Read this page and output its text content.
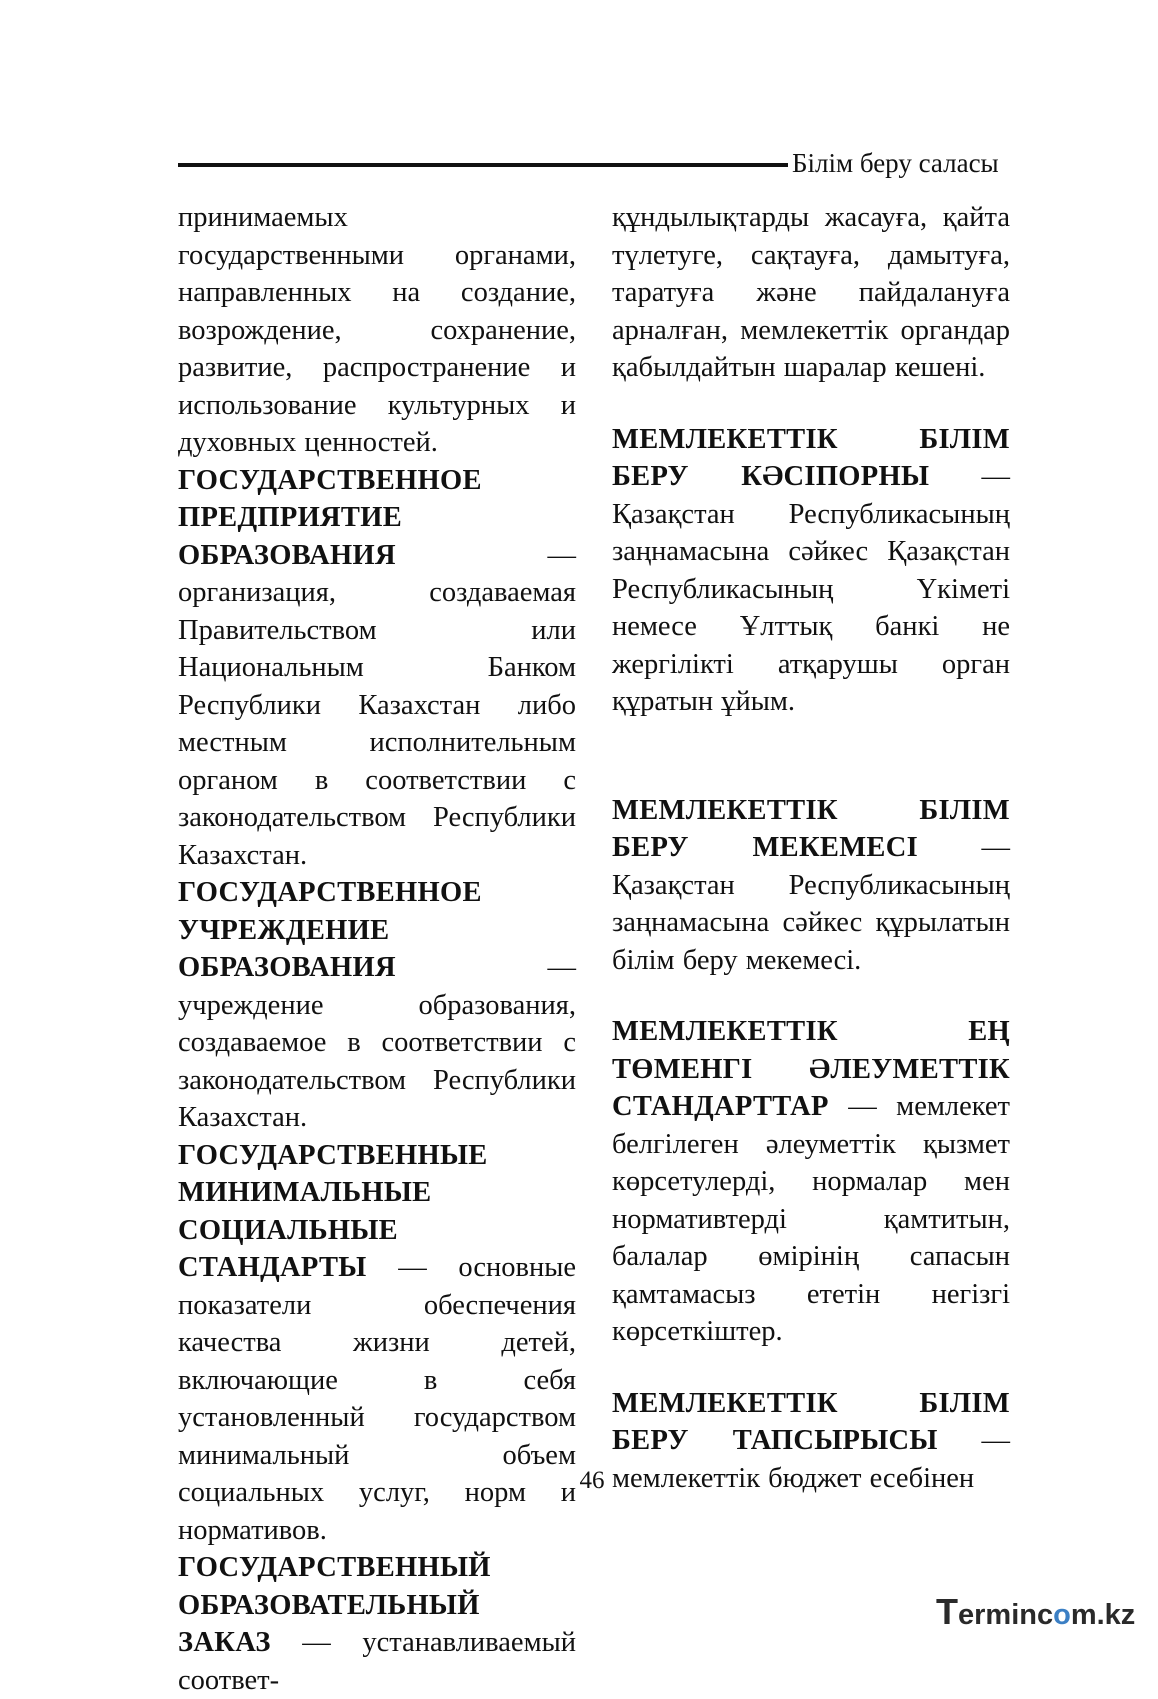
Білім беру саласы

принимаемых государственными органами, направленных на создание, возрождение, сохранение, развитие, распространение и использование культурных и духовных ценностей.

ГОСУДАРСТВЕННОЕ ПРЕДПРИЯТИЕ ОБРАЗОВАНИЯ — организация, создаваемая Правительством или Национальным Банком Республики Казахстан либо местным исполнительным органом в соответствии с законодательством Республики Казахстан.

ГОСУДАРСТВЕННОЕ УЧРЕЖДЕНИЕ ОБРАЗОВАНИЯ — учреждение образования, создаваемое в соответствии с законодательством Республики Казахстан.

ГОСУДАРСТВЕННЫЕ МИНИМАЛЬНЫЕ СОЦИАЛЬНЫЕ СТАНДАРТЫ — основные показатели обеспечения качества жизни детей, включающие в себя установленный государством минимальный объем социальных услуг, норм и нормативов.

ГОСУДАРСТВЕННЫЙ ОБРАЗОВАТЕЛЬНЫЙ ЗАКАЗ — устанавливаемый соответ-

құндылықтарды жасауға, қайта түлетуге, сақтауға, дамытуға, таратуға және пайдалануға арналған, мемлекеттік органдар қабылдайтын шаралар кешені.

МЕМЛЕКЕТТІК БІЛІМ БЕРУ КӘСІПОРНЫ — Қазақстан Республикасының заңнамасына сәйкес Қазақстан Республикасының Үкіметі немесе Ұлттық банкі не жергілікті атқарушы орган құратын ұйым.

МЕМЛЕКЕТТІК БІЛІМ БЕРУ МЕКЕМЕСІ — Қазақстан Республикасының заңнамасына сәйкес құрылатын білім беру мекемесі.

МЕМЛЕКЕТТІК ЕҢ ТӨМЕНГІ ӘЛЕУМЕТТІК СТАНДАРТТАР — мемлекет белгілеген әлеуметтік қызмет көрсетулерді, нормалар мен нормативтерді қамтитын, балалар өмірінің сапасын қамтамасыз ететін негізгі көрсеткіштер.

МЕМЛЕКЕТТІК БІЛІМ БЕРУ ТАПСЫРЫСЫ — мемлекеттік бюджет есебінен

46
Termincom.kz
